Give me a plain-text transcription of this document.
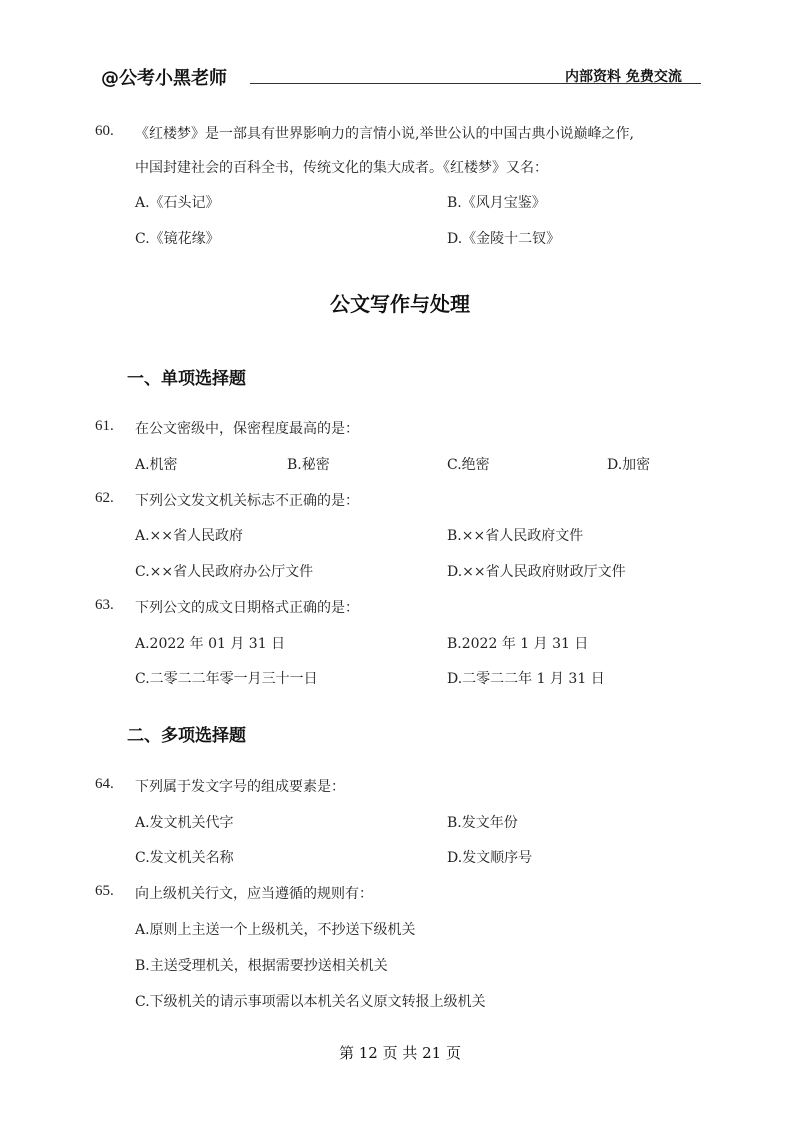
@公考小黑老师	内部资料 免费交流
60. 《红楼梦》是一部具有世界影响力的言情小说,举世公认的中国古典小说巅峰之作,
中国封建社会的百科全书，传统文化的集大成者。《红楼梦》又名：
A.《石头记》	B.《风月宝鉴》
C.《镜花缘》	D.《金陵十二钗》
公文写作与处理
一、单项选择题
61. 在公文密级中，保密程度最高的是：
A.机密	B.秘密	C.绝密	D.加密
62. 下列公文发文机关标志不正确的是：
A.××省人民政府	B.××省人民政府文件
C.××省人民政府办公厅文件	D.××省人民政府财政厅文件
63. 下列公文的成文日期格式正确的是：
A.2022 年 01 月 31 日	B.2022 年 1 月 31 日
C.二零二二年零一月三十一日	D.二零二二年 1 月 31 日
二、多项选择题
64. 下列属于发文字号的组成要素是：
A.发文机关代字	B.发文年份
C.发文机关名称	D.发文顺序号
65. 向上级机关行文，应当遵循的规则有：
A.原则上主送一个上级机关，不抄送下级机关
B.主送受理机关，根据需要抄送相关机关
C.下级机关的请示事项需以本机关名义原文转报上级机关
第 12 页 共 21 页
